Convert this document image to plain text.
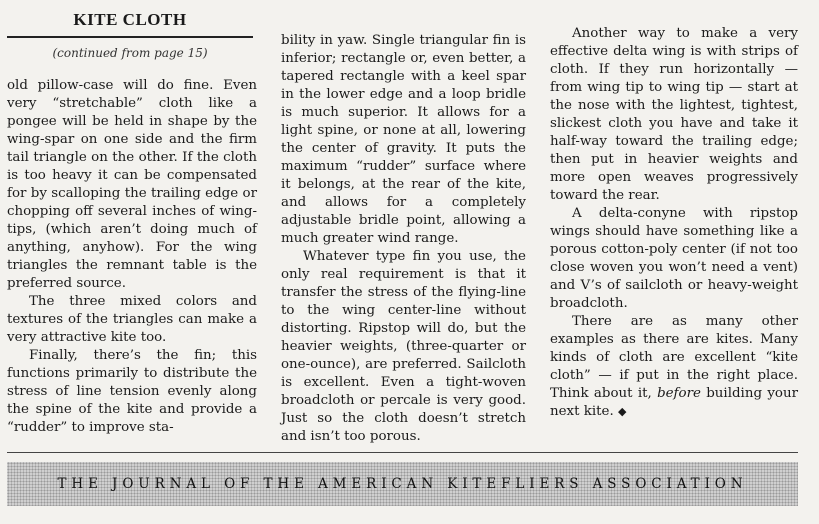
KITE CLOTH
(continued from page 15)

old pillow-case will do fine. Even very “stretchable” cloth like a pongee will be held in shape by the wing-spar on one side and the firm tail triangle on the other. If the cloth is too heavy it can be compensated for by scalloping the trailing edge or chopping off several inches of wing-tips, (which aren’t doing much of anything, anyhow). For the wing triangles the remnant table is the preferred source.

The three mixed colors and textures of the triangles can make a very attractive kite too.

Finally, there’s the fin; this functions primarily to distribute the stress of line tension evenly along the spine of the kite and provide a “rudder” to improve sta-

bility in yaw. Single triangular fin is inferior; rectangle or, even better, a tapered rectangle with a keel spar in the lower edge and a loop bridle is much superior. It allows for a light spine, or none at all, lowering the center of gravity. It puts the maximum “rudder” surface where it belongs, at the rear of the kite, and allows for a completely adjustable bridle point, allowing a much greater wind range.

Whatever type fin you use, the only real requirement is that it transfer the stress of the flying-line to the wing center-line without distorting. Ripstop will do, but the heavier weights, (three-quarter or one-ounce), are preferred. Sailcloth is excellent. Even a tight-woven broadcloth or percale is very good. Just so the cloth doesn’t stretch and isn’t too porous.

Another way to make a very effective delta wing is with strips of cloth. If they run horizontally — from wing tip to wing tip — start at the nose with the lightest, tightest, slickest cloth you have and take it half-way toward the trailing edge; then put in heavier weights and more open weaves progressively toward the rear.

A delta-conyne with ripstop wings should have something like a porous cotton-poly center (if not too close woven you won’t need a vent) and V’s of sailcloth or heavy-weight broadcloth.

There are as many other examples as there are kites. Many kinds of cloth are excellent “kite cloth” — if put in the right place. Think about it, before building your next kite. ◆

THE JOURNAL OF THE AMERICAN KITEFLIERS ASSOCIATION
